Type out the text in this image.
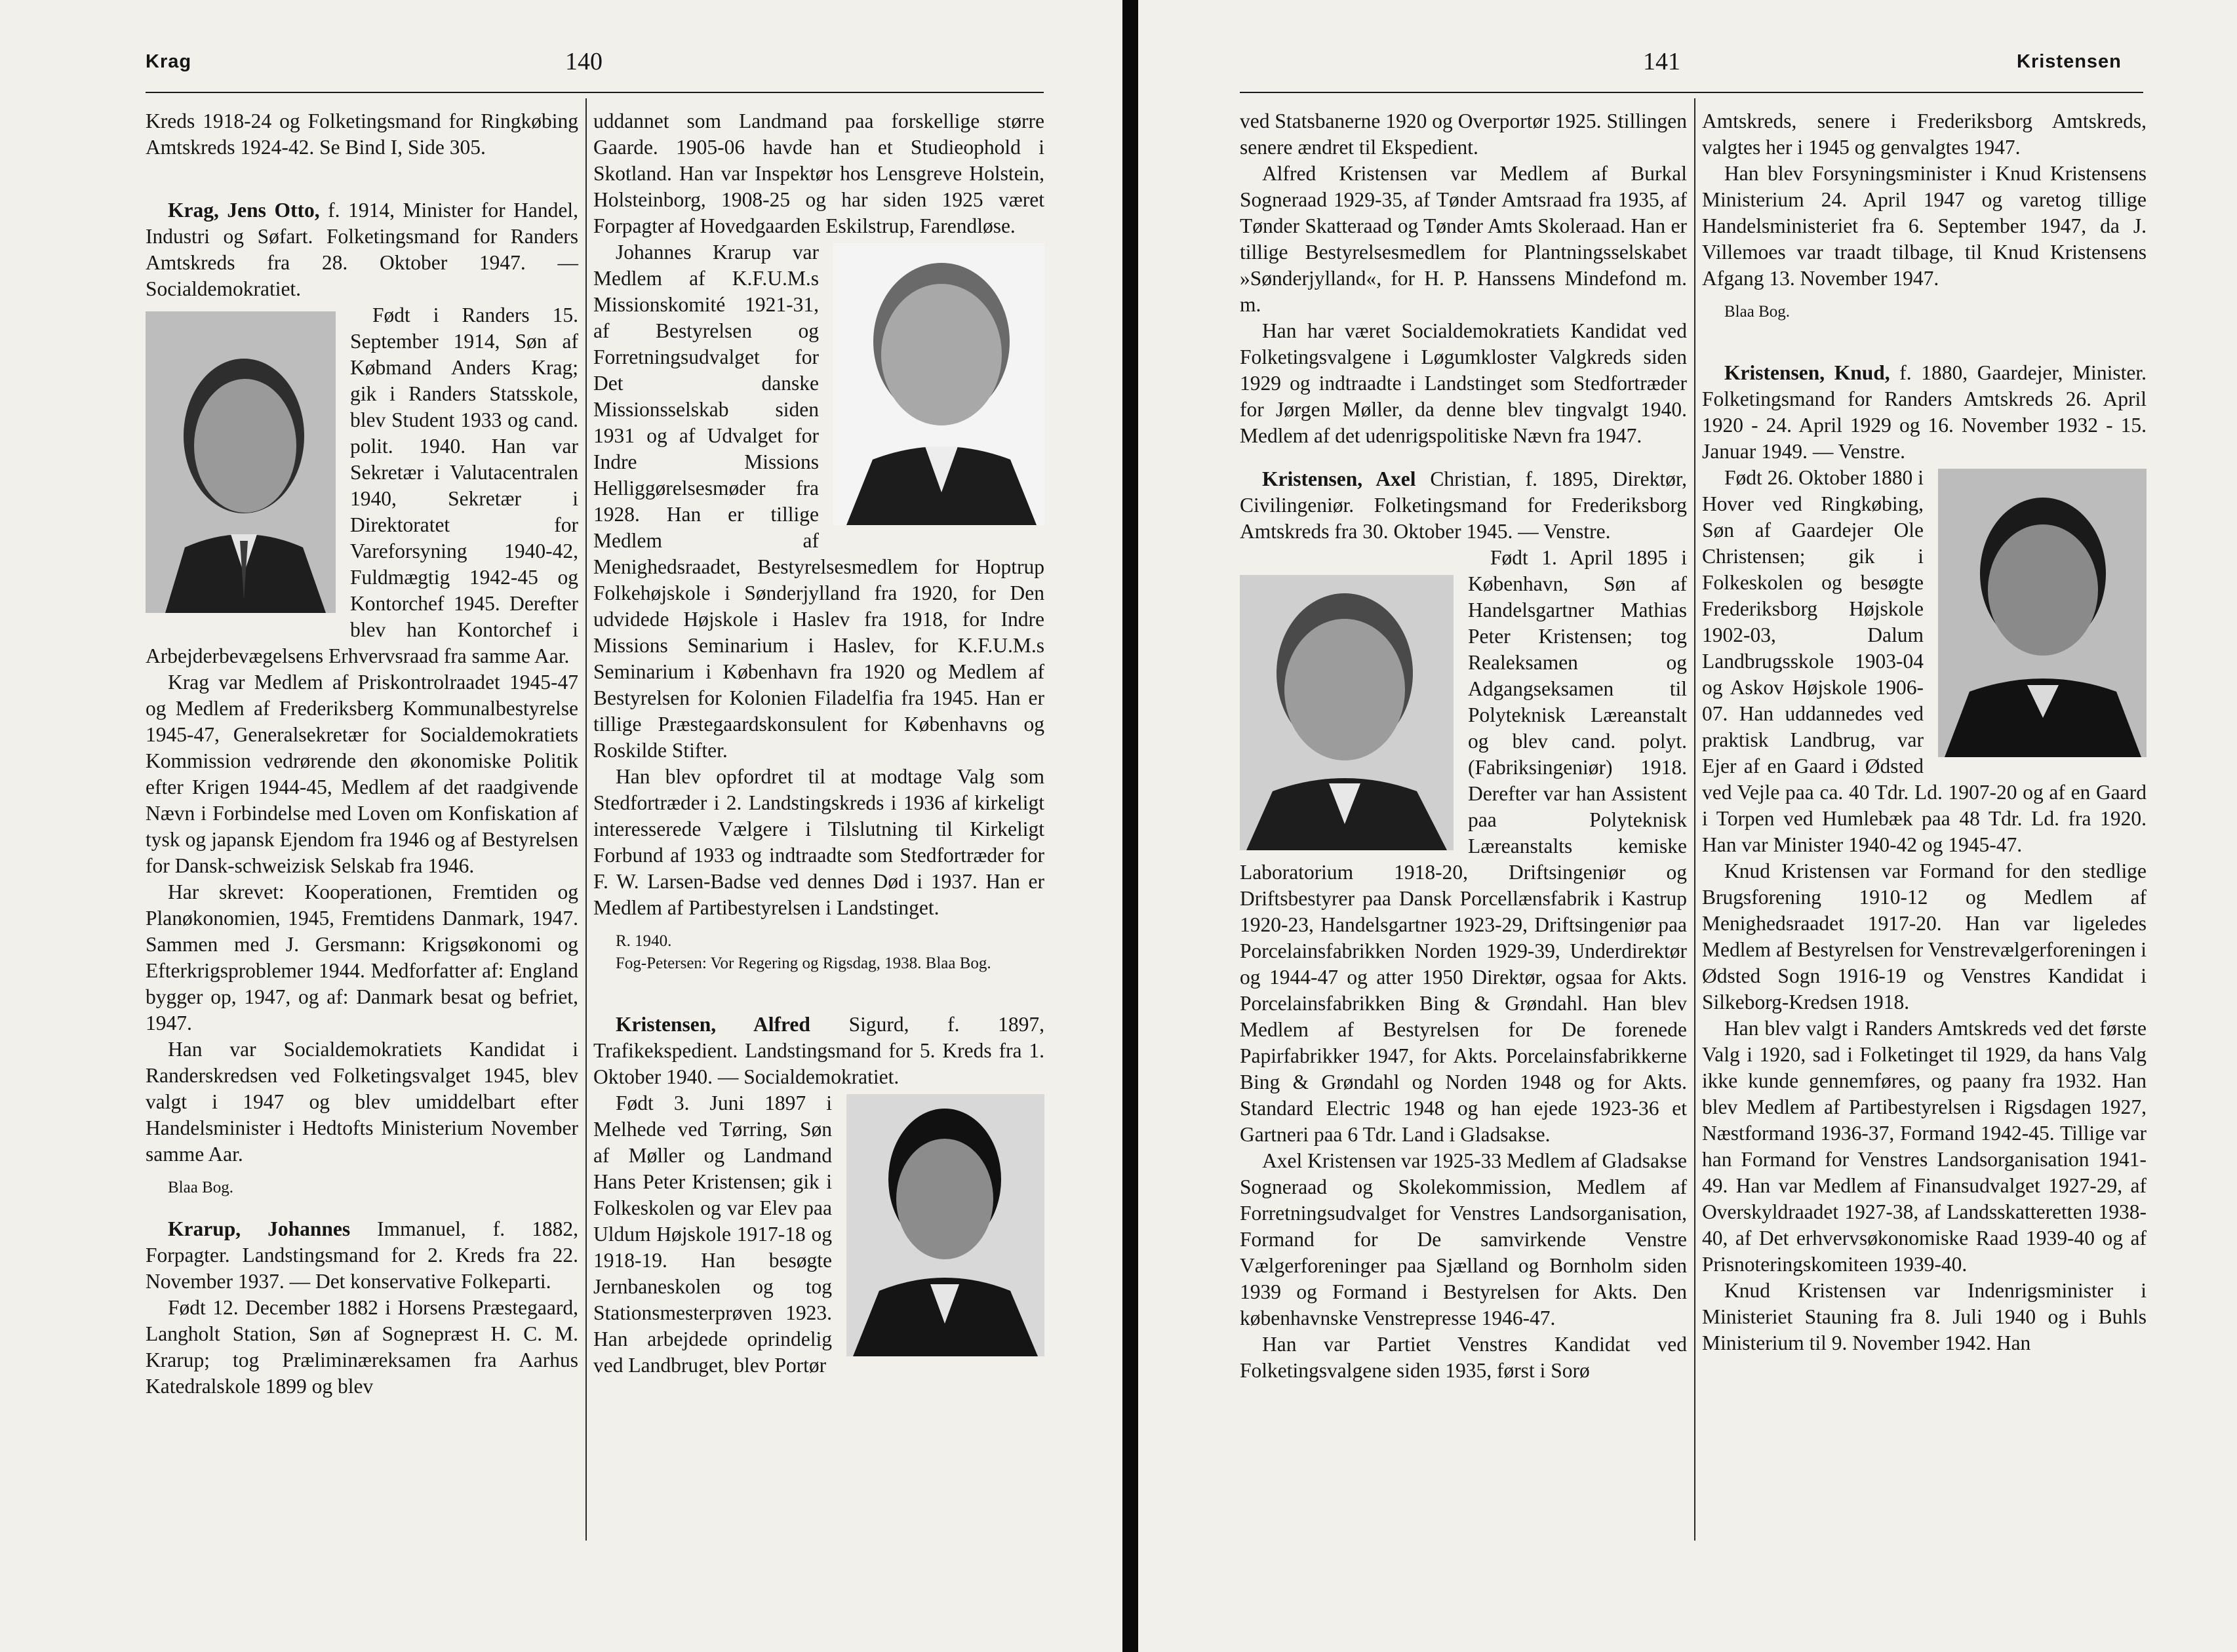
Krag	140

Kreds 1918-24 og Folketingsmand for Ringkøbing Amtskreds 1924-42. Se Bind I, Side 305.

Krag, Jens Otto, f. 1914, Minister for Handel, Industri og Søfart. Folketingsmand for Randers Amtskreds fra 28. Oktober 1947. — Socialdemokratiet.

Født i Randers 15. September 1914, Søn af Købmand Anders Krag; gik i Randers Statsskole, blev Student 1933 og cand. polit. 1940. Han var Sekretær i Valutacentralen 1940, Sekretær i Direktoratet for Vareforsyning 1940-42, Fuldmægtig 1942-45 og Kontorchef 1945. Derefter blev han Kontorchef i Arbejderbevægelsens Erhvervsraad fra samme Aar.

Krag var Medlem af Priskontrolraadet 1945-47 og Medlem af Frederiksberg Kommunalbestyrelse 1945-47, Generalsekretær for Socialdemokratiets Kommission vedrørende den økonomiske Politik efter Krigen 1944-45, Medlem af det raadgivende Nævn i Forbindelse med Loven om Konfiskation af tysk og japansk Ejendom fra 1946 og af Bestyrelsen for Dansk-schweizisk Selskab fra 1946.

Har skrevet: Kooperationen, Fremtiden og Planøkonomien, 1945, Fremtidens Danmark, 1947. Sammen med J. Gersmann: Krigsøkonomi og Efterkrigsproblemer 1944. Medforfatter af: England bygger op, 1947, og af: Danmark besat og befriet, 1947.

Han var Socialdemokratiets Kandidat i Randerskredsen ved Folketingsvalget 1945, blev valgt i 1947 og blev umiddelbart efter Handelsminister i Hedtofts Ministerium November samme Aar.

Blaa Bog.

Krarup, Johannes Immanuel, f. 1882, Forpagter. Landstingsmand for 2. Kreds fra 22. November 1937. — Det konservative Folkeparti.

Født 12. December 1882 i Horsens Præstegaard, Langholt Station, Søn af Sognepræst H. C. M. Krarup; tog Præliminæreksamen fra Aarhus Katedralskole 1899 og blev

uddannet som Landmand paa forskellige større Gaarde. 1905-06 havde han et Studieophold i Skotland. Han var Inspektør hos Lensgreve Holstein, Holsteinborg, 1908-25 og har siden 1925 været Forpagter af Hovedgaarden Eskilstrup, Farendløse.

Johannes Krarup var Medlem af K.F.U.M.s Missionskomité 1921-31, af Bestyrelsen og Forretningsudvalget for Det danske Missionsselskab siden 1931 og af Udvalget for Indre Missions Helliggørelsesmøder fra 1928. Han er tillige Medlem af Menighedsraadet, Bestyrelsesmedlem for Hoptrup Folkehøjskole i Sønderjylland fra 1920, for Den udvidede Højskole i Haslev fra 1918, for Indre Missions Seminarium i Haslev, for K.F.U.M.s Seminarium i København fra 1920 og Medlem af Bestyrelsen for Kolonien Filadelfia fra 1945. Han er tillige Præstegaardskonsulent for Københavns og Roskilde Stifter.

Han blev opfordret til at modtage Valg som Stedfortræder i 2. Landstingskreds i 1936 af kirkeligt interesserede Vælgere i Tilslutning til Kirkeligt Forbund af 1933 og indtraadte som Stedfortræder for F. W. Larsen-Badse ved dennes Død i 1937. Han er Medlem af Partibestyrelsen i Landstinget.

R. 1940.

Fog-Petersen: Vor Regering og Rigsdag, 1938. Blaa Bog.

Kristensen, Alfred Sigurd, f. 1897, Trafikekspedient. Landstingsmand for 5. Kreds fra 1. Oktober 1940. — Socialdemokratiet.

Født 3. Juni 1897 i Melhede ved Tørring, Søn af Møller og Landmand Hans Peter Kristensen; gik i Folkeskolen og var Elev paa Uldum Højskole 1917-18 og 1918-19. Han besøgte Jernbaneskolen og tog Stationsmesterprøven 1923. Han arbejdede oprindelig ved Landbruget, blev Portør

141	Kristensen

ved Statsbanerne 1920 og Overportør 1925. Stillingen senere ændret til Ekspedient.

Alfred Kristensen var Medlem af Burkal Sogneraad 1929-35, af Tønder Amtsraad fra 1935, af Tønder Skatteraad og Tønder Amts Skoleraad. Han er tillige Bestyrelsesmedlem for Plantningsselskabet »Sønderjylland«, for H. P. Hanssens Mindefond m. m.

Han har været Socialdemokratiets Kandidat ved Folketingsvalgene i Løgumkloster Valgkreds siden 1929 og indtraadte i Landstinget som Stedfortræder for Jørgen Møller, da denne blev tingvalgt 1940. Medlem af det udenrigspolitiske Nævn fra 1947.

Kristensen, Axel Christian, f. 1895, Direktør, Civilingeniør. Folketingsmand for Frederiksborg Amtskreds fra 30. Oktober 1945. — Venstre.

Født 1. April 1895 i København, Søn af Handelsgartner Mathias Peter Kristensen; tog Realeksamen og Adgangseksamen til Polyteknisk Læreanstalt og blev cand. polyt. (Fabriksingeniør) 1918. Derefter var han Assistent paa Polyteknisk Læreanstalts kemiske Laboratorium 1918-20, Driftsingeniør og Driftsbestyrer paa Dansk Porcellænsfabrik i Kastrup 1920-23, Handelsgartner 1923-29, Driftsingeniør paa Porcelainsfabrikken Norden 1929-39, Underdirektør og 1944-47 og atter 1950 Direktør, ogsaa for Akts. Porcelainsfabrikken Bing & Grøndahl. Han blev Medlem af Bestyrelsen for De forenede Papirfabrikker 1947, for Akts. Porcelainsfabrikkerne Bing & Grøndahl og Norden 1948 og for Akts. Standard Electric 1948 og han ejede 1923-36 et Gartneri paa 6 Tdr. Land i Gladsakse.

Axel Kristensen var 1925-33 Medlem af Gladsakse Sogneraad og Skolekommission, Medlem af Forretningsudvalget for Venstres Landsorganisation, Formand for De samvirkende Venstre Vælgerforeninger paa Sjælland og Bornholm siden 1939 og Formand i Bestyrelsen for Akts. Den københavnske Venstrepresse 1946-47.

Han var Partiet Venstres Kandidat ved Folketingsvalgene siden 1935, først i Sorø

Amtskreds, senere i Frederiksborg Amtskreds, valgtes her i 1945 og genvalgtes 1947.

Han blev Forsyningsminister i Knud Kristensens Ministerium 24. April 1947 og varetog tillige Handelsministeriet fra 6. September 1947, da J. Villemoes var traadt tilbage, til Knud Kristensens Afgang 13. November 1947.

Blaa Bog.

Kristensen, Knud, f. 1880, Gaardejer, Minister. Folketingsmand for Randers Amtskreds 26. April 1920 - 24. April 1929 og 16. November 1932 - 15. Januar 1949. — Venstre.

Født 26. Oktober 1880 i Hover ved Ringkøbing, Søn af Gaardejer Ole Christensen; gik i Folkeskolen og besøgte Frederiksborg Højskole 1902-03, Dalum Landbrugsskole 1903-04 og Askov Højskole 1906-07. Han uddannedes ved praktisk Landbrug, var Ejer af en Gaard i Ødsted ved Vejle paa ca. 40 Tdr. Ld. 1907-20 og af en Gaard i Torpen ved Humlebæk paa 48 Tdr. Ld. fra 1920. Han var Minister 1940-42 og 1945-47.

Knud Kristensen var Formand for den stedlige Brugsforening 1910-12 og Medlem af Menighedsraadet 1917-20. Han var ligeledes Medlem af Bestyrelsen for Venstrevælgerforeningen i Ødsted Sogn 1916-19 og Venstres Kandidat i Silkeborg-Kredsen 1918.

Han blev valgt i Randers Amtskreds ved det første Valg i 1920, sad i Folketinget til 1929, da hans Valg ikke kunde gennemføres, og paany fra 1932. Han blev Medlem af Partibestyrelsen i Rigsdagen 1927, Næstformand 1936-37, Formand 1942-45. Tillige var han Formand for Venstres Landsorganisation 1941-49. Han var Medlem af Finansudvalget 1927-29, af Overskyldraadet 1927-38, af Landsskatteretten 1938-40, af Det erhvervsøkonomiske Raad 1939-40 og af Prisnoteringskomiteen 1939-40.

Knud Kristensen var Indenrigsminister i Ministeriet Stauning fra 8. Juli 1940 og i Buhls Ministerium til 9. November 1942. Han
